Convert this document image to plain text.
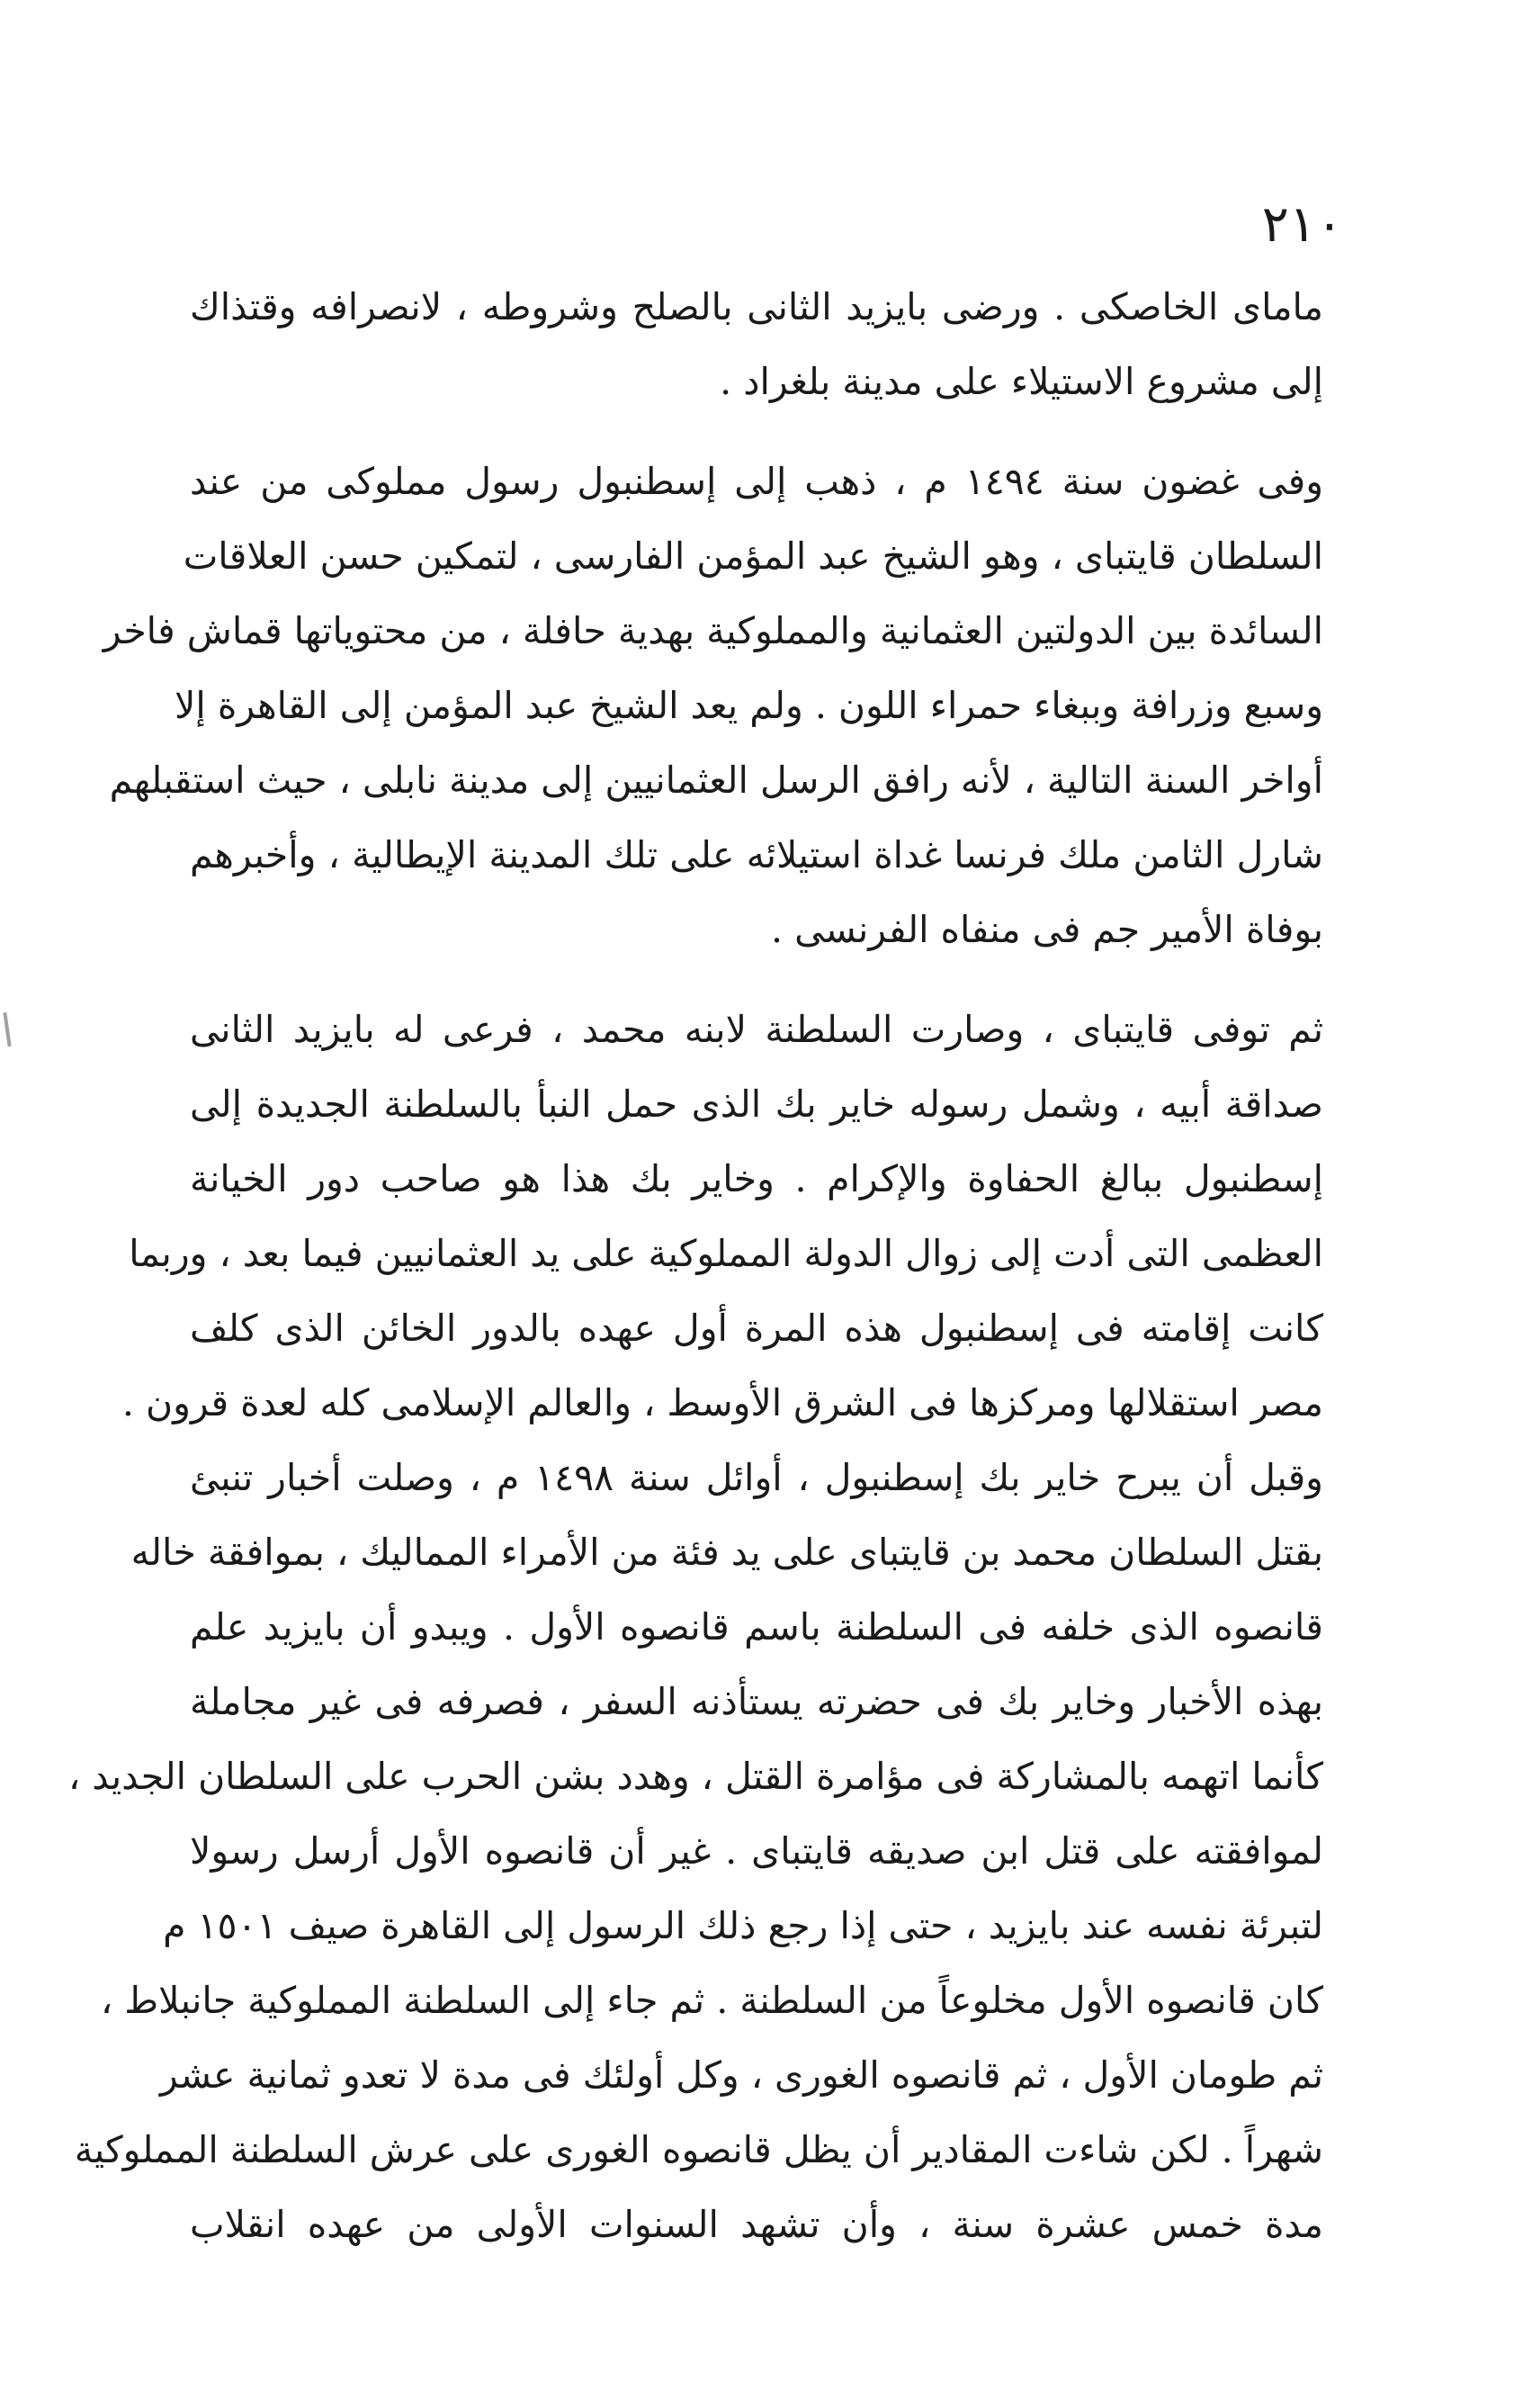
٢١٠
ماماى الخاصكى . ورضى بايزيد الثانى بالصلح وشروطه ، لانصرافه وقتذاك
إلى مشروع الاستيلاء على مدينة بلغراد .
وفى غضون سنة ١٤٩٤ م ، ذهب إلى إسطنبول رسول مملوكى من عند
السلطان قايتباى ، وهو الشيخ عبد المؤمن الفارسى ، لتمكين حسن العلاقات
السائدة بين الدولتين العثمانية والمملوكية بهدية حافلة ، من محتوياتها قماش فاخر
وسبع وزرافة وببغاء حمراء اللون . ولم يعد الشيخ عبد المؤمن إلى القاهرة إلا
أواخر السنة التالية ، لأنه رافق الرسل العثمانيين إلى مدينة نابلى ، حيث استقبلهم
شارل الثامن ملك فرنسا غداة استيلائه على تلك المدينة الإيطالية ، وأخبرهم
بوفاة الأمير جم فى منفاه الفرنسى .
ثم توفى قايتباى ، وصارت السلطنة لابنه محمد ، فرعى له بايزيد الثانى
صداقة أبيه ، وشمل رسوله خاير بك الذى حمل النبأ بالسلطنة الجديدة إلى
إسطنبول ببالغ الحفاوة والإكرام . وخاير بك هذا هو صاحب دور الخيانة
العظمى التى أدت إلى زوال الدولة المملوكية على يد العثمانيين فيما بعد ، وربما
كانت إقامته فى إسطنبول هذه المرة أول عهده بالدور الخائن الذى كلف
مصر استقلالها ومركزها فى الشرق الأوسط ، والعالم الإسلامى كله لعدة قرون .
وقبل أن يبرح خاير بك إسطنبول ، أوائل سنة ١٤٩٨ م ، وصلت أخبار تنبئ
بقتل السلطان محمد بن قايتباى على يد فئة من الأمراء المماليك ، بموافقة خاله
قانصوه الذى خلفه فى السلطنة باسم قانصوه الأول . ويبدو أن بايزيد علم
بهذه الأخبار وخاير بك فى حضرته يستأذنه السفر ، فصرفه فى غير مجاملة
كأنما اتهمه بالمشاركة فى مؤامرة القتل ، وهدد بشن الحرب على السلطان الجديد ،
لموافقته على قتل ابن صديقه قايتباى . غير أن قانصوه الأول أرسل رسولا
لتبرئة نفسه عند بايزيد ، حتى إذا رجع ذلك الرسول إلى القاهرة صيف ١٥٠١ م
كان قانصوه الأول مخلوعاً من السلطنة . ثم جاء إلى السلطنة المملوكية جانبلاط ،
ثم طومان الأول ، ثم قانصوه الغورى ، وكل أولئك فى مدة لا تعدو ثمانية عشر
شهراً . لكن شاءت المقادير أن يظل قانصوه الغورى على عرش السلطنة المملوكية
مدة خمس عشرة سنة ، وأن تشهد السنوات الأولى من عهده انقلاب
